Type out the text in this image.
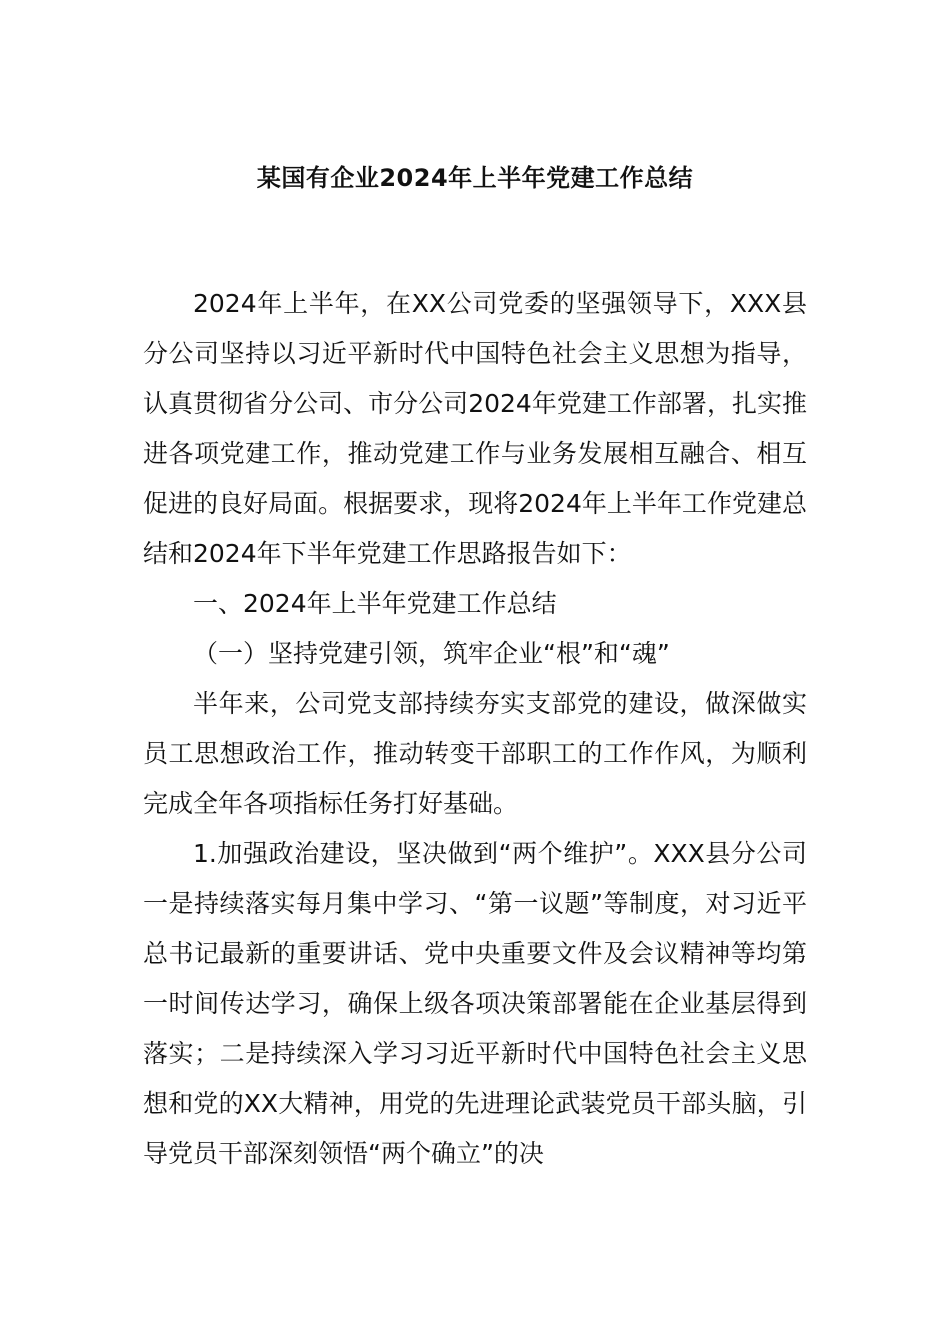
某国有企业2024年上半年党建工作总结

2024年上半年，在XX公司党委的坚强领导下，XXX县分公司坚持以习近平新时代中国特色社会主义思想为指导，认真贯彻省分公司、市分公司2024年党建工作部署，扎实推进各项党建工作，推动党建工作与业务发展相互融合、相互促进的良好局面。根据要求，现将2024年上半年工作党建总结和2024年下半年党建工作思路报告如下：

一、2024年上半年党建工作总结

（一）坚持党建引领，筑牢企业“根”和“魂”

半年来，公司党支部持续夯实支部党的建设，做深做实员工思想政治工作，推动转变干部职工的工作作风，为顺利完成全年各项指标任务打好基础。

1.加强政治建设，坚决做到“两个维护”。XXX县分公司一是持续落实每月集中学习、“第一议题”等制度，对习近平总书记最新的重要讲话、党中央重要文件及会议精神等均第一时间传达学习，确保上级各项决策部署能在企业基层得到落实；二是持续深入学习习近平新时代中国特色社会主义思想和党的XX大精神，用党的先进理论武装党员干部头脑，引导党员干部深刻领悟“两个确立”的决
